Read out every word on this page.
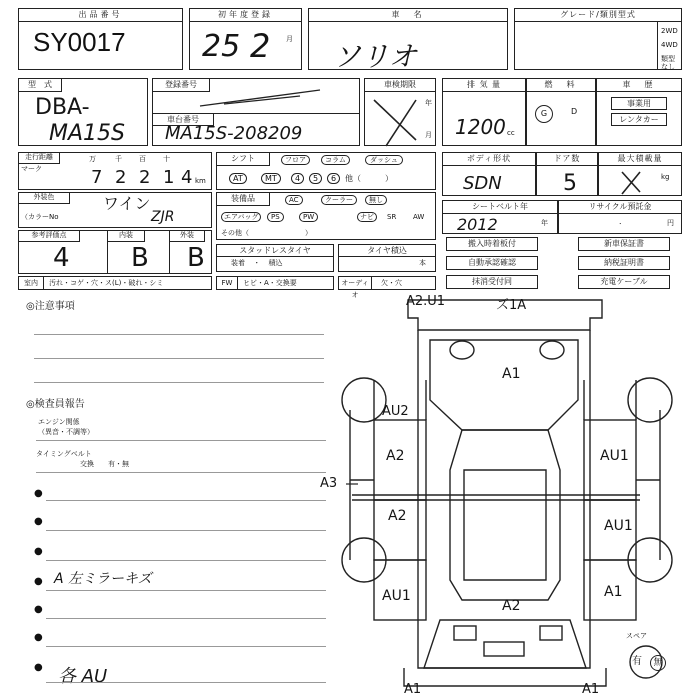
出品番号
SY0017
初年度登録
25 2 月
車　名
ソリオ
グレード/類別型式
2WD
4WD
類型なし
型　式
DBA-
MA15S
登録番号
車台番号
MA15S-208209
車検期限
年
月
排 気 量
1200 cc
燃　料
G	D
車　歴
事業用
レンタカー
走行距離
マーク
万	千 百 十
km
7 2 2 1 4
シフト	フロア	コラム	ダッシュ
AT	MT	4	5	6	他（　　　）
ボディ形状
SDN
ドア数
5
最大積載量
kg
外装色
（カラーNo
ワイン
ZJR
装備品	AC	クーラー	無し
エアバッグ	PS	PW	ナビ	SR AW
その他（　　　　　　　　）
シートベルト年
2012	年
リサイクル預託金
．	円
参考評価点	内装	外装
4 B B	スタッドレスタイヤ
装着 ・ 積込
タイヤ積込
本
搬入時着板付	新車保証書
自動承認確認	納税証明書
抹消受付同	充電ケーブル
室内	汚れ・コゲ・穴・ス(L)・破れ・シミ	FW	ヒビ・A・交換要	オーディオ
欠・穴
◎注意事項
◎検査員報告
エンジン関係
（異音・不調等）
タイミングベルト
交換 有・無
●
●
●
● A 左ミラーキズ
●
●
● 各 AU
A2.U1	ズ1A
A1
AU2
A2
A2
AU1
AU1
AU1
A1
A2
A1	A1
A3
スペア
有	無
